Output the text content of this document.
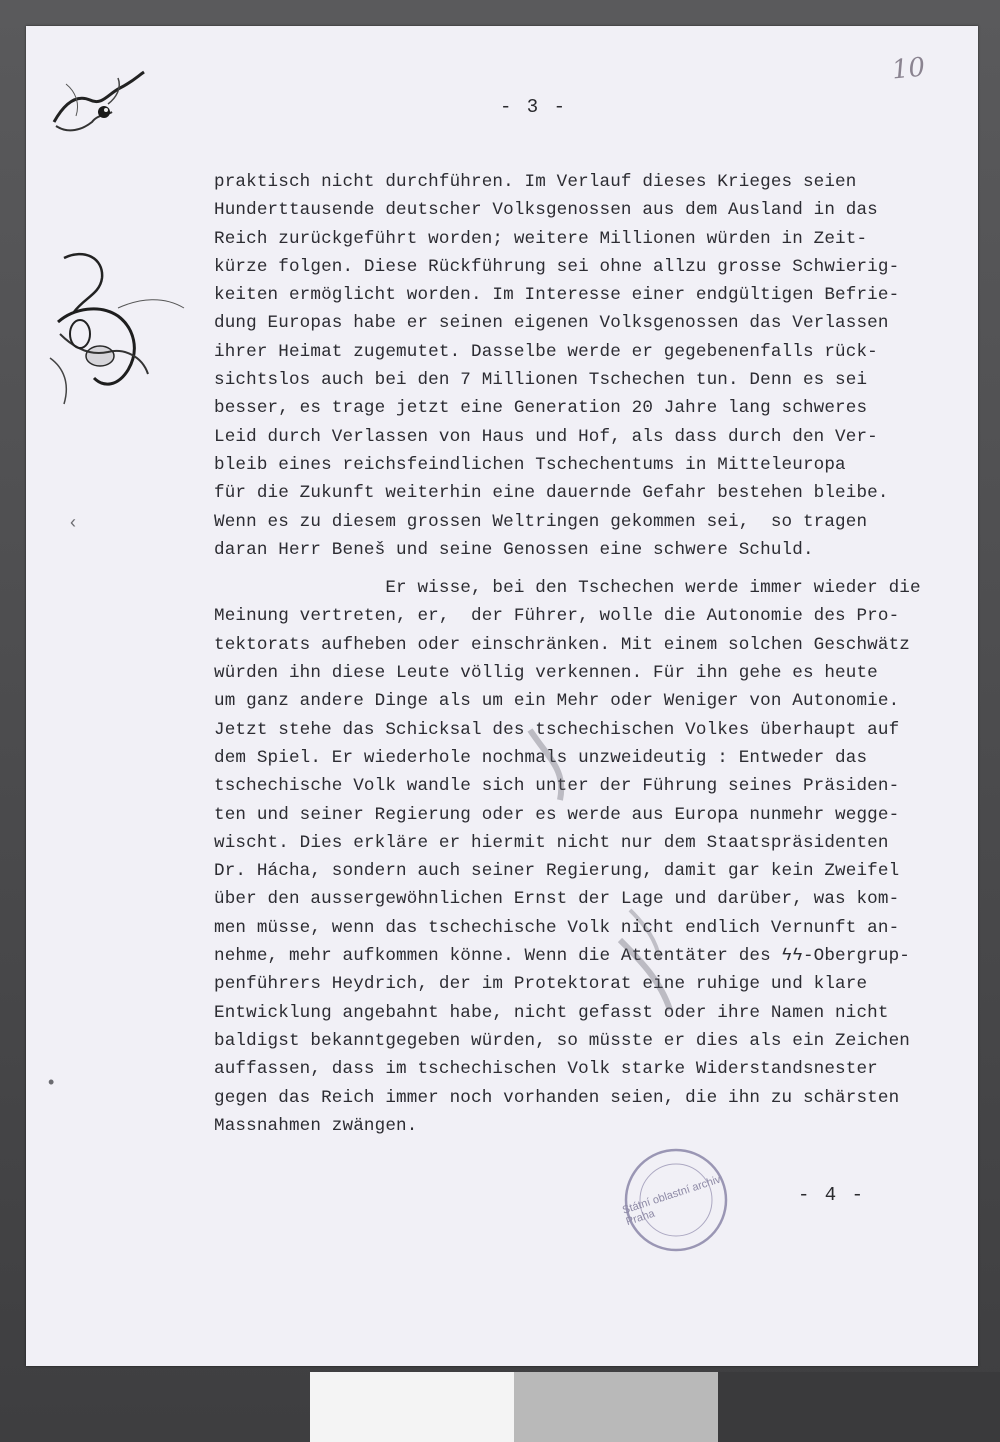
‹
•
10
- 3 -
praktisch nicht durchführen. Im Verlauf dieses Krieges seien
Hunderttausende deutscher Volksgenossen aus dem Ausland in das
Reich zurückgeführt worden; weitere Millionen würden in Zeit-
kürze folgen. Diese Rückführung sei ohne allzu grosse Schwierig-
keiten ermöglicht worden. Im Interesse einer endgültigen Befrie-
dung Europas habe er seinen eigenen Volksgenossen das Verlassen
ihrer Heimat zugemutet. Dasselbe werde er gegebenenfalls rück-
sichtslos auch bei den 7 Millionen Tschechen tun. Denn es sei
besser, es trage jetzt eine Generation 20 Jahre lang schweres
Leid durch Verlassen von Haus und Hof, als dass durch den Ver-
bleib eines reichsfeindlichen Tschechentums in Mitteleuropa
für die Zukunft weiterhin eine dauernde Gefahr bestehen bleibe.
Wenn es zu diesem grossen Weltringen gekommen sei,  so tragen
daran Herr Beneš und seine Genossen eine schwere Schuld.
Er wisse, bei den Tschechen werde immer wieder die
Meinung vertreten, er,  der Führer, wolle die Autonomie des Pro-
tektorats aufheben oder einschränken. Mit einem solchen Geschwätz
würden ihn diese Leute völlig verkennen. Für ihn gehe es heute
um ganz andere Dinge als um ein Mehr oder Weniger von Autonomie.
Jetzt stehe das Schicksal des tschechischen Volkes überhaupt auf
dem Spiel. Er wiederhole nochmals unzweideutig : Entweder das
tschechische Volk wandle sich unter der Führung seines Präsiden-
ten und seiner Regierung oder es werde aus Europa nunmehr wegge-
wischt. Dies erkläre er hiermit nicht nur dem Staatspräsidenten
Dr. Hácha, sondern auch seiner Regierung, damit gar kein Zweifel
über den aussergewöhnlichen Ernst der Lage und darüber, was kom-
men müsse, wenn das tschechische Volk nicht endlich Vernunft an-
nehme, mehr aufkommen könne. Wenn die Attentäter des ϟϟ-Obergrup-
penführers Heydrich, der im Protektorat eine ruhige und klare
Entwicklung angebahnt habe, nicht gefasst oder ihre Namen nicht
baldigst bekanntgegeben würden, so müsste er dies als ein Zeichen
auffassen, dass im tschechischen Volk starke Widerstandsnester
gegen das Reich immer noch vorhanden seien, die ihn zu schärsten
Massnahmen zwängen.
Státní oblastní archiv Praha
- 4 -
